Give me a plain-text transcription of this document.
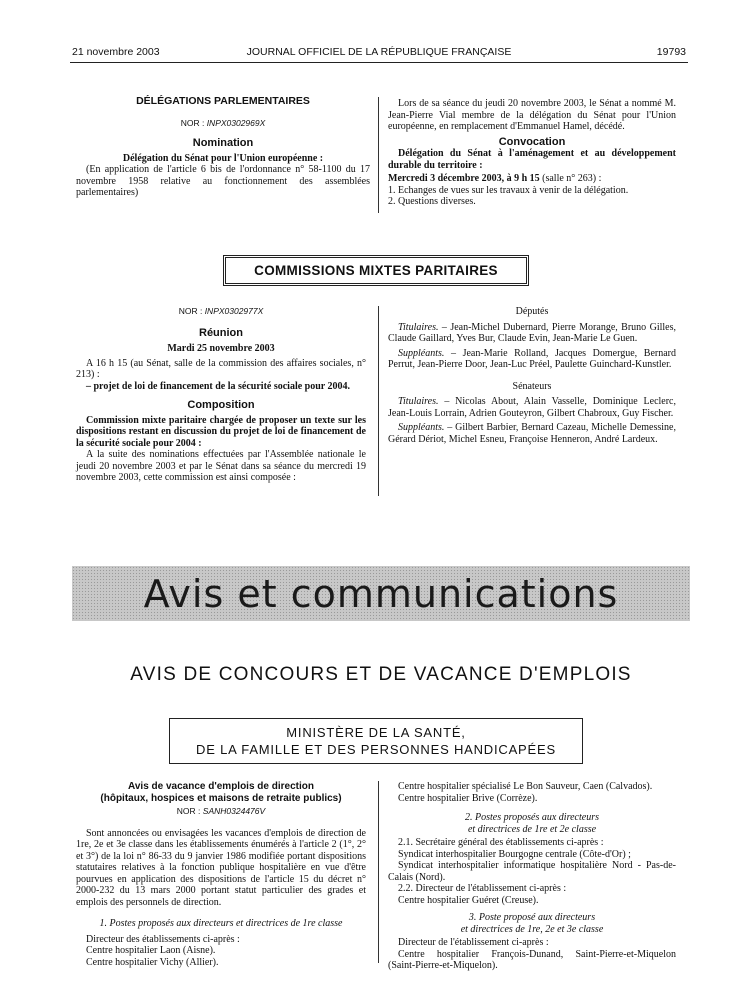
21 novembre 2003	JOURNAL OFFICIEL DE LA RÉPUBLIQUE FRANÇAISE	19793
DÉLÉGATIONS PARLEMENTAIRES
NOR : INPX0302969X
Nomination

Délégation du Sénat pour l'Union européenne :

(En application de l'article 6 bis de l'ordonnance n° 58-1100 du 17 novembre 1958 relative au fonctionnement des assemblées parlementaires)

Lors de sa séance du jeudi 20 novembre 2003, le Sénat a nommé M. Jean-Pierre Vial membre de la délégation du Sénat pour l'Union européenne, en remplacement d'Emmanuel Hamel, décédé.

Convocation

Délégation du Sénat à l'aménagement et au développement durable du territoire :

Mercredi 3 décembre 2003, à 9 h 15 (salle n° 263) :

1. Echanges de vues sur les travaux à venir de la délégation.

2. Questions diverses.

COMMISSIONS MIXTES PARITAIRES
NOR : INPX0302977X
Réunion

Mardi 25 novembre 2003

A 16 h 15 (au Sénat, salle de la commission des affaires sociales, n° 213) :

– projet de loi de financement de la sécurité sociale pour 2004.

Composition

Commission mixte paritaire chargée de proposer un texte sur les dispositions restant en discussion du projet de loi de financement de la sécurité sociale pour 2004 :

A la suite des nominations effectuées par l'Assemblée nationale le jeudi 20 novembre 2003 et par le Sénat dans sa séance du mercredi 19 novembre 2003, cette commission est ainsi composée :

Députés

Titulaires. – Jean-Michel Dubernard, Pierre Morange, Bruno Gilles, Claude Gaillard, Yves Bur, Claude Evin, Jean-Marie Le Guen.

Suppléants. – Jean-Marie Rolland, Jacques Domergue, Bernard Perrut, Jean-Pierre Door, Jean-Luc Préel, Paulette Guinchard-Kunstler.

Sénateurs

Titulaires. – Nicolas About, Alain Vasselle, Dominique Leclerc, Jean-Louis Lorrain, Adrien Gouteyron, Gilbert Chabroux, Guy Fischer.

Suppléants. – Gilbert Barbier, Bernard Cazeau, Michelle Demessine, Gérard Dériot, Michel Esneu, Françoise Henneron, André Lardeux.

Avis et communications
AVIS DE CONCOURS ET DE VACANCE D'EMPLOIS
MINISTÈRE DE LA SANTÉ,
DE LA FAMILLE ET DES PERSONNES HANDICAPÉES
Avis de vacance d'emplois de direction
(hôpitaux, hospices et maisons de retraite publics)
NOR : SANH0324476V

Sont annoncées ou envisagées les vacances d'emplois de direction de 1re, 2e et 3e classe dans les établissements énumérés à l'article 2 (1°, 2° et 3°) de la loi n° 86-33 du 9 janvier 1986 modifiée portant dispositions statutaires relatives à la fonction publique hospitalière en vue d'être pourvues en application des dispositions de l'article 15 du décret n° 2000-232 du 13 mars 2000 portant statut particulier des grades et emplois des personnels de direction.

1. Postes proposés aux directeurs et directrices de 1re classe

Directeur des établissements ci-après :

Centre hospitalier Laon (Aisne).

Centre hospitalier Vichy (Allier).

Centre hospitalier spécialisé Le Bon Sauveur, Caen (Calvados).

Centre hospitalier Brive (Corrèze).

2. Postes proposés aux directeurs

et directrices de 1re et 2e classe

2.1. Secrétaire général des établissements ci-après :

Syndicat interhospitalier Bourgogne centrale (Côte-d'Or) ;

Syndicat interhospitalier informatique hospitalière Nord - Pas-de-Calais (Nord).

2.2. Directeur de l'établissement ci-après :

Centre hospitalier Guéret (Creuse).

3. Poste proposé aux directeurs

et directrices de 1re, 2e et 3e classe

Directeur de l'établissement ci-après :

Centre hospitalier François-Dunand, Saint-Pierre-et-Miquelon (Saint-Pierre-et-Miquelon).
